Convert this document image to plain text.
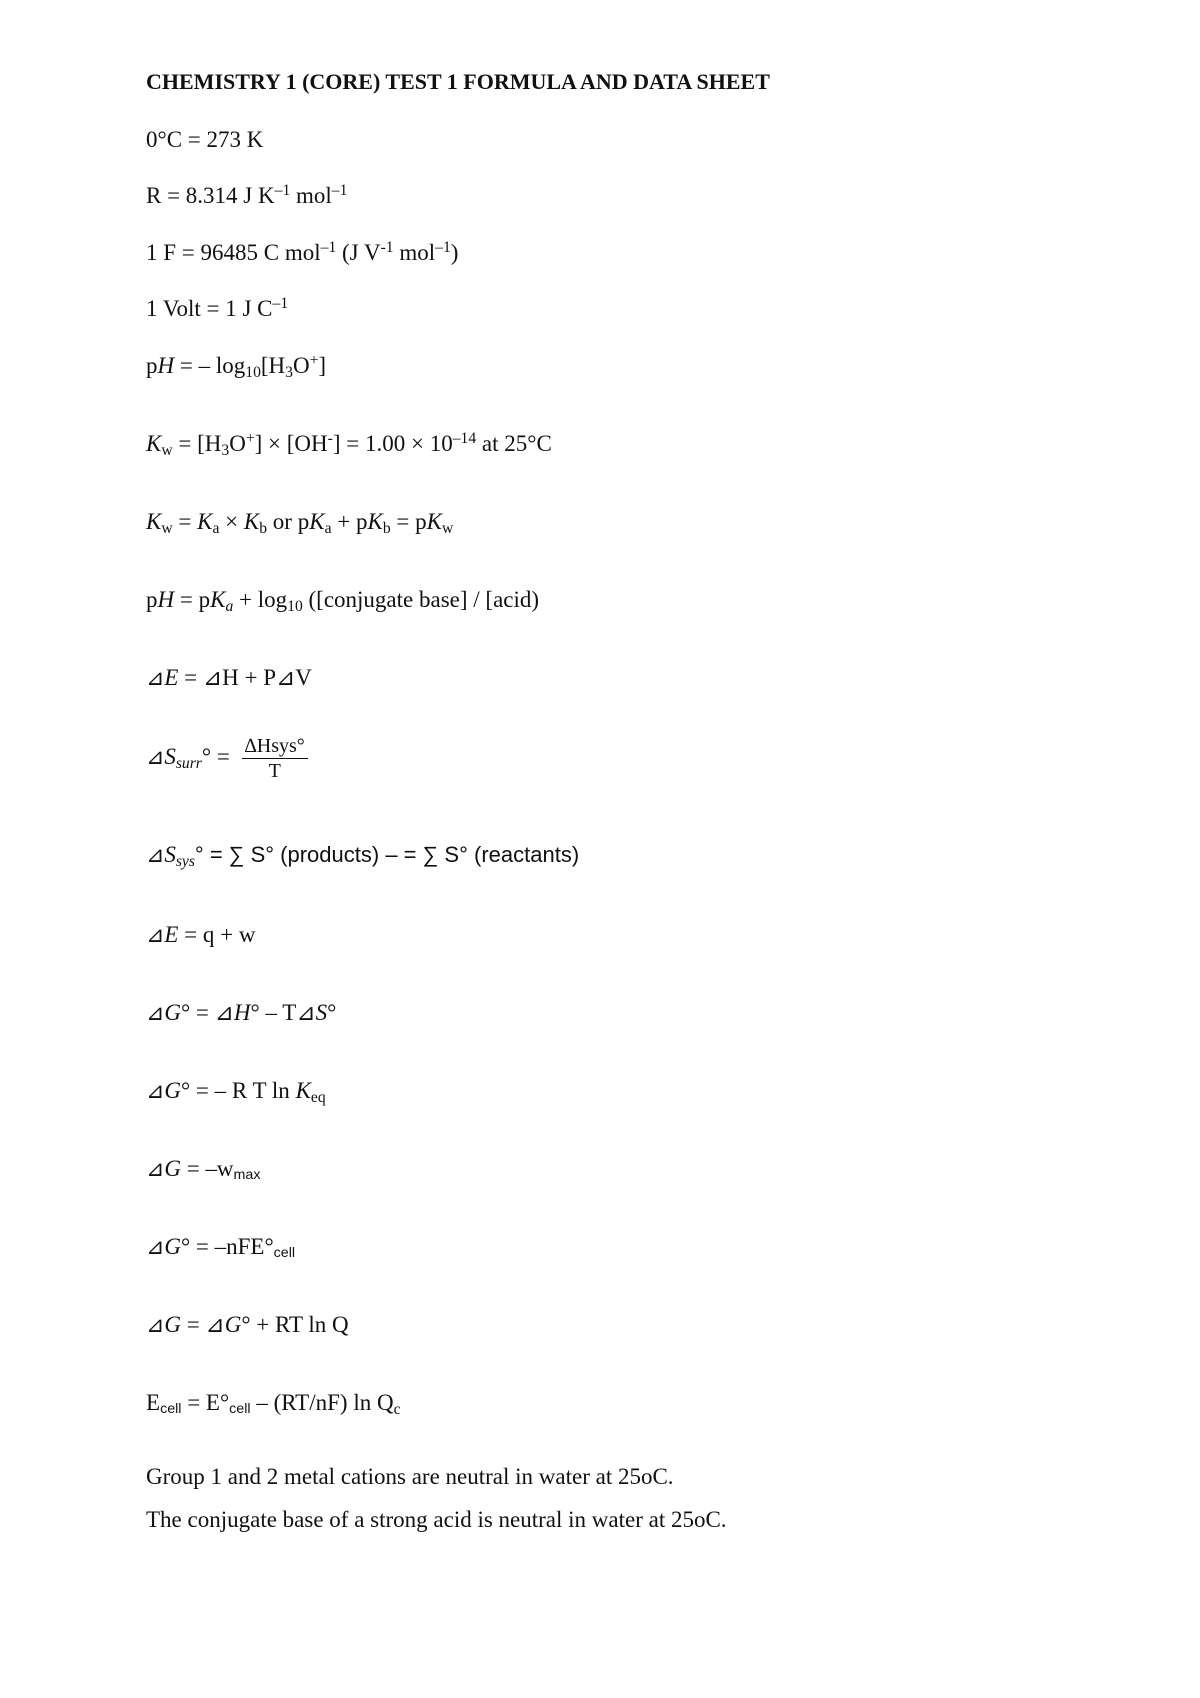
CHEMISTRY 1 (CORE) TEST 1 FORMULA AND DATA SHEET
0°C = 273 K
R = 8.314 J $K^{-1}$ mol$^{-1}$
1 F = 96485 C mol$^{-1}$ (J $V^{-1}$ mol$^{-1}$)
1 Volt = 1 J $C^{-1}$
pH = – $\log_{10}[H_3O^+]$
$K_w = [H_3O^+] \times [OH^-] = 1.00 \times 10^{-14}$ at 25°C
$K_w = K_a \times K_b$ or $pK_a + pK_b = pK_w$
pH = $pK_a + \log_{10}$ ([conjugate base] / [acid)
⊿E = ⊿H + P⊿V
$⊿S_{surr}^\circ = \frac{\text{∆Hsys°}}{T}$
$⊿S_{sys}^\circ$ = ∑ S° (products) – = ∑ S° (reactants)
⊿E = q + w
⊿G° = ⊿H° – T⊿S°
⊿G° = – R T $\ln K_{eq}$
⊿G = –wmax
⊿G° = –nFE°cell
⊿G = ⊿G° + RT ln Q
Ecell = E°cell – (RT/nF) $\ln Q_c$
Group 1 and 2 metal cations are neutral in water at 25oC.
The conjugate base of a strong acid is neutral in water at 25oC.
